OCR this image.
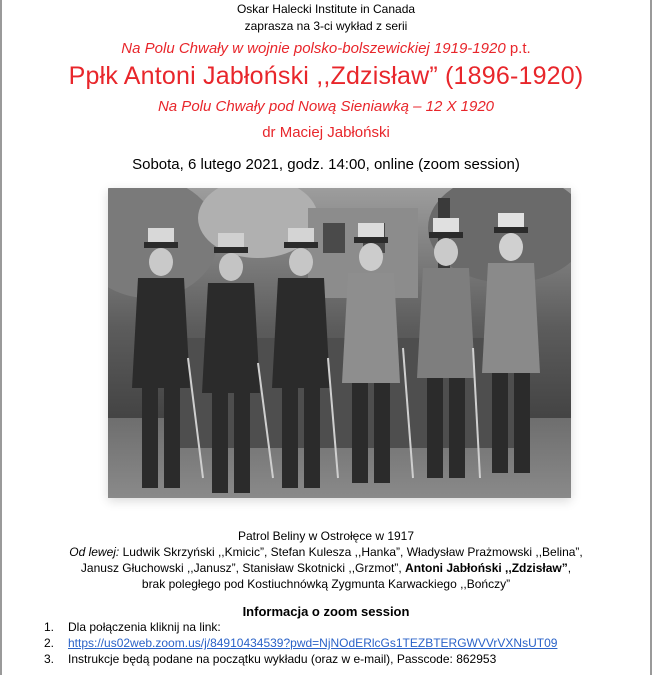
Oskar Halecki Institute in Canada
zaprasza na 3-ci wykład z serii
Na Polu Chwały w wojnie polsko-bolszewickiej 1919-1920 p.t.
Ppłk Antoni Jabłoński ,,Zdzisław” (1896-1920)
Na Polu Chwały pod Nową Sieniawką – 12 X 1920
dr Maciej Jabłoński
Sobota, 6 lutego 2021, godz. 14:00, online (zoom session)
Patrol Beliny w Ostrołęce w 1917
Od lewej: Ludwik Skrzyński ,,Kmicic”, Stefan Kulesza ,,Hanka”, Władysław Prażmowski ,,Belina”,
Janusz Głuchowski ,,Janusz”, Stanisław Skotnicki ,,Grzmot”, Antoni Jabłoński ,,Zdzisław”,
brak poległego pod Kostiuchnówką Zygmunta Karwackiego ,,Bończy”
Informacja o zoom session
1.	Dla połączenia kliknij na link:
2.	https://us02web.zoom.us/j/84910434539?pwd=NjNOdERlcGs1TEZBTERGWVVrVXNsUT09
3.	Instrukcje będą podane na początku wykładu (oraz w e-mail), Passcode: 862953
